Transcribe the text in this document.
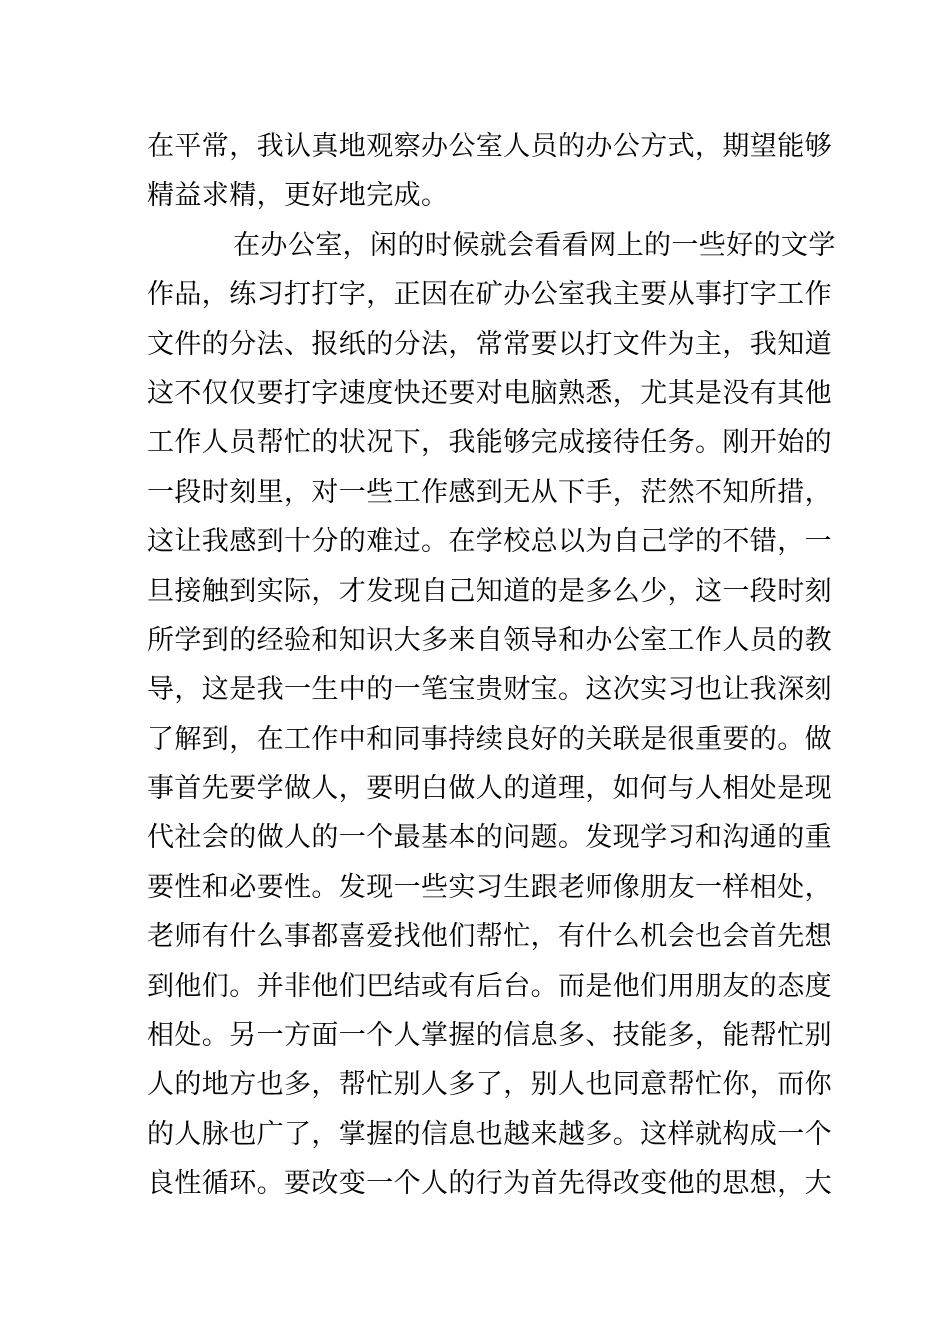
在平常，我认真地观察办公室人员的办公方式，期望能够
精益求精，更好地完成。
在办公室，闲的时候就会看看网上的一些好的文学
作品，练习打打字，正因在矿办公室我主要从事打字工作
文件的分法、报纸的分法，常常要以打文件为主，我知道
这不仅仅要打字速度快还要对电脑熟悉，尤其是没有其他
工作人员帮忙的状况下，我能够完成接待任务。刚开始的
一段时刻里，对一些工作感到无从下手，茫然不知所措，
这让我感到十分的难过。在学校总以为自己学的不错，一
旦接触到实际，才发现自己知道的是多么少，这一段时刻
所学到的经验和知识大多来自领导和办公室工作人员的教
导，这是我一生中的一笔宝贵财宝。这次实习也让我深刻
了解到，在工作中和同事持续良好的关联是很重要的。做
事首先要学做人，要明白做人的道理，如何与人相处是现
代社会的做人的一个最基本的问题。发现学习和沟通的重
要性和必要性。发现一些实习生跟老师像朋友一样相处，
老师有什么事都喜爱找他们帮忙，有什么机会也会首先想
到他们。并非他们巴结或有后台。而是他们用朋友的态度
相处。另一方面一个人掌握的信息多、技能多，能帮忙别
人的地方也多，帮忙别人多了，别人也同意帮忙你，而你
的人脉也广了，掌握的信息也越来越多。这样就构成一个
良性循环。要改变一个人的行为首先得改变他的思想，大
